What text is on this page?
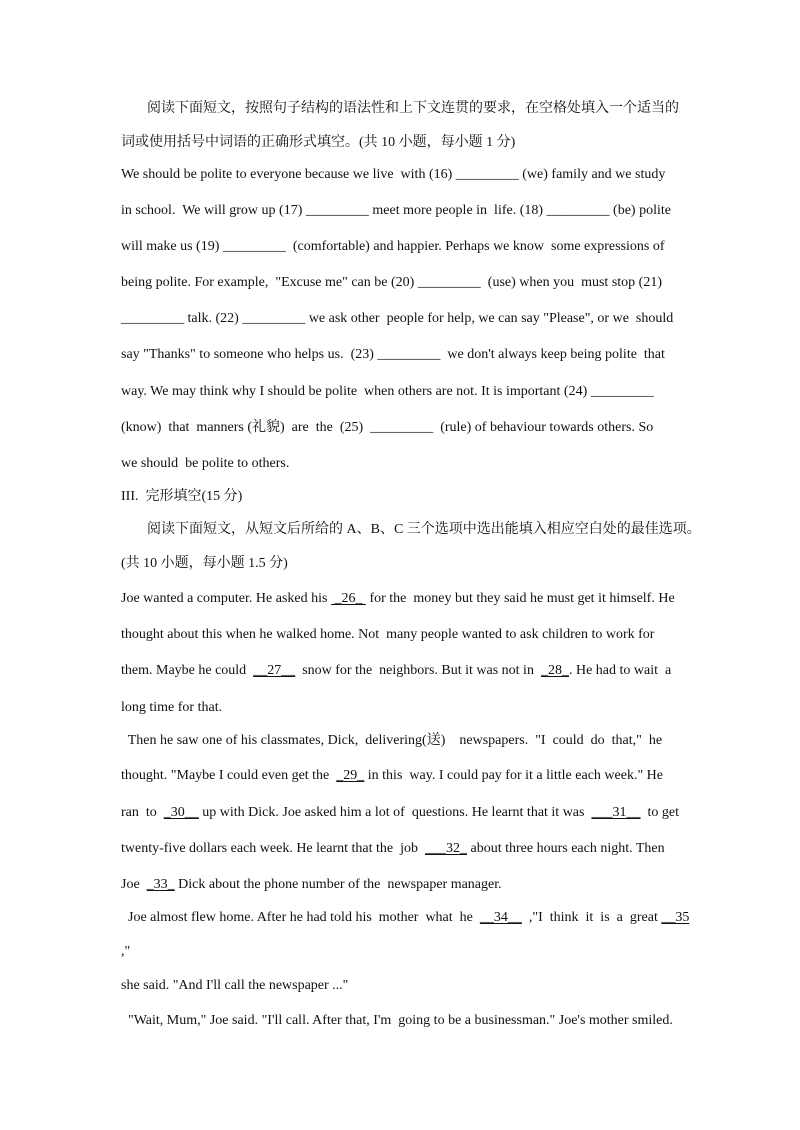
阅读下面短文，按照句子结构的语法性和上下文连贯的要求，在空格处填入一个适当的
词或使用括号中词语的正确形式填空。(共 10 小题，每小题 1 分)
We should be polite to everyone because we live  with (16) _________ (we) family and we study
in school.  We will grow up (17) _________ meet more people in  life. (18) _________ (be) polite
will make us (19) _________  (comfortable) and happier. Perhaps we know  some expressions of
being polite. For example,  "Excuse me" can be (20) _________  (use) when you  must stop (21)
_________ talk. (22) _________ we ask other  people for help, we can say "Please", or we  should
say "Thanks" to someone who helps us.  (23) _________  we don't always keep being polite  that
way. We may think why I should be polite  when others are not. It is important (24) _________
(know)  that  manners (礼貌)  are  the  (25)  _________  (rule) of behaviour towards others. So
we should  be polite to others.
III.  完形填空(15 分)
阅读下面短文，从短文后所给的 A、B、C 三个选项中选出能填入相应空白处的最佳选项。
(共 10 小题，每小题 1.5 分)
Joe wanted a computer. He asked his  _26_  for the  money but they said he must get it himself. He
thought about this when he walked home. Not  many people wanted to ask children to work for
them. Maybe he could  __27__  snow for the  neighbors. But it was not in  _28_. He had to wait  a
long time for that.
Then he saw one of his classmates, Dick,  delivering(送)    newspapers.  "I  could  do  that,"  he
thought. "Maybe I could even get the  _29_ in this  way. I could pay for it a little each week." He
ran  to  _30__ up with Dick. Joe asked him a lot of  questions. He learnt that it was  ___31__  to get
twenty-five dollars each week. He learnt that the  job  ___32_ about three hours each night. Then
Joe  _33_ Dick about the phone number of the  newspaper manager.
Joe almost flew home. After he had told his  mother  what  he  __34__  ,"I  think  it  is  a  great __35
,"
she said. "And I'll call the newspaper ..."
"Wait, Mum," Joe said. "I'll call. After that, I'm  going to be a businessman." Joe's mother smiled.
